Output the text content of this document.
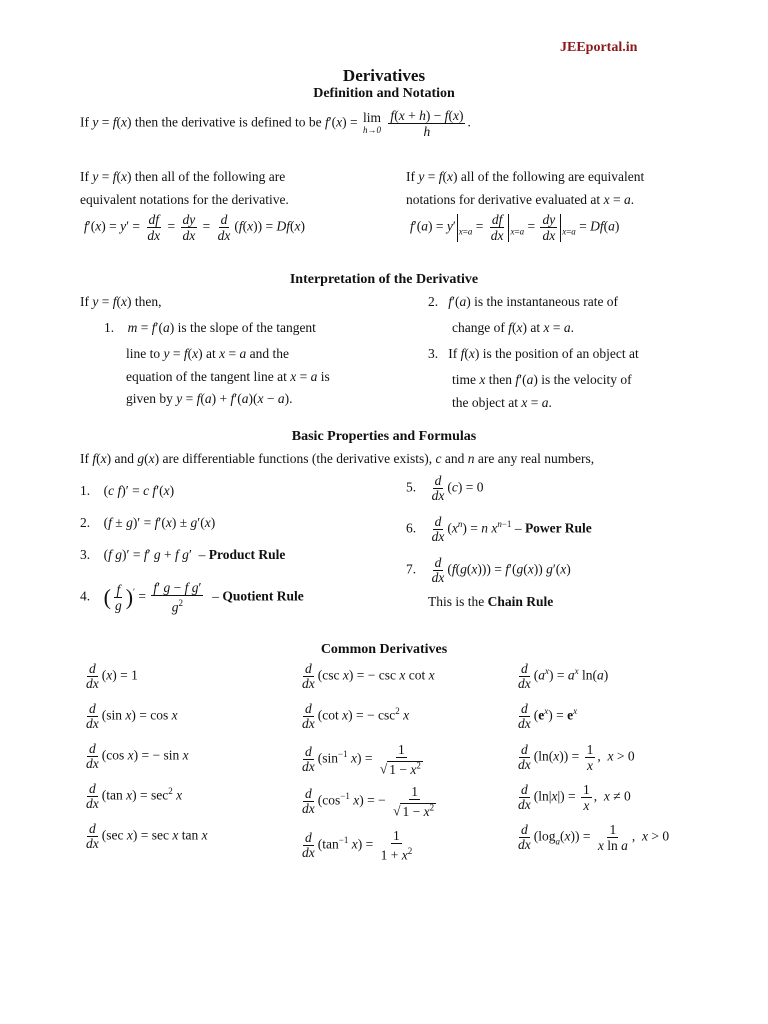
JEEportal.in
Derivatives
Definition and Notation
If y = f(x) then the derivative is defined to be f′(x) = lim
h→0
$\frac{f(x + h) - f(x)}{h}$ .
If y = f(x) then all of the following are
equivalent notations for the derivative.
$f'(x) = y' = \frac{df}{dx} = \frac{dy}{dx} = \frac{d}{dx} (f(x)) = Df(x)$
If y = f(x) all of the following are equivalent
notations for derivative evaluated at x = a.
f′(a) = y′ $_{x=a} = \frac{df}{dx} _{x=a} = \frac{dy}{dx} _{x=a} = Df(a)$
Interpretation of the Derivative
If y = f(x) then,
1.    m = f′(a) is the slope of the tangent
line to y = f(x) at x = a and the
equation of the tangent line at x = a is
given by y = f(a) + f′(a)(x − a).
2.   f′(a) is the instantaneous rate of
change of f(x) at x = a.
3.   If f(x) is the position of an object at
time x then f′(a) is the velocity of
the object at x = a.
Basic Properties and Formulas
If f(x) and g(x) are differentiable functions (the derivative exists), c and n are any real numbers,
1.    (c f)′ = c f′(x)
2.    (f ± g)′ = f′(x) ± g′(x)
3.    (f g)′ = f′ g + f g′  – Product Rule
4.    ( $\frac{f}{g} )' = \frac{\text{f′ g − f g′}}{g^2}$ – Quotient Rule
5. $\frac{d}{dx} (c) = 0$
6. $\frac{d}{dx} (x^n) = n$ $x^{n-1}$ – Power Rule
7. $\frac{d}{dx} (f(g(x))) = f'(g(x))$ g′(x)
This is the Chain Rule
Common Derivatives
$\frac{d}{dx} (x) = 1$
$\frac{d}{dx} (\sin$ x) = cos x
$\frac{d}{dx} (\cos$ x) = − sin x
$\frac{d}{dx} (\tan$ $x) = \sec^2 x$
$\frac{d}{dx} (\sec$ x) = sec x tan x
$\frac{d}{dx} (\csc$ x) = − csc x cot x
$\frac{d}{dx} (\cot$ x) = − $\csc^2 x$
$\frac{d}{dx} (\sin^{-1}$ $x) = \frac{1}{√ 1 - x^2}$
$\frac{d}{dx} (\cos^{-1}$ x) = − $\frac{1}{√ 1 - x^2}$
$\frac{d}{dx} (\tan^{-1}$ $x) = \frac{1}{1 + x^2}$
$\frac{d}{dx} (a^x) = a^x$ ln(a)
$\frac{d}{dx} (e^x) = e^x$
$\frac{d}{dx} (\ln(x)) = \frac{1}{x}$ ,  x > 0
$\frac{d}{dx} (\ln|x|) = \frac{1}{x}$ ,  x ≠ 0
$\frac{d}{dx} (\log_a(x)) = \frac{1}{\text{x ln a}}$ ,  x > 0
